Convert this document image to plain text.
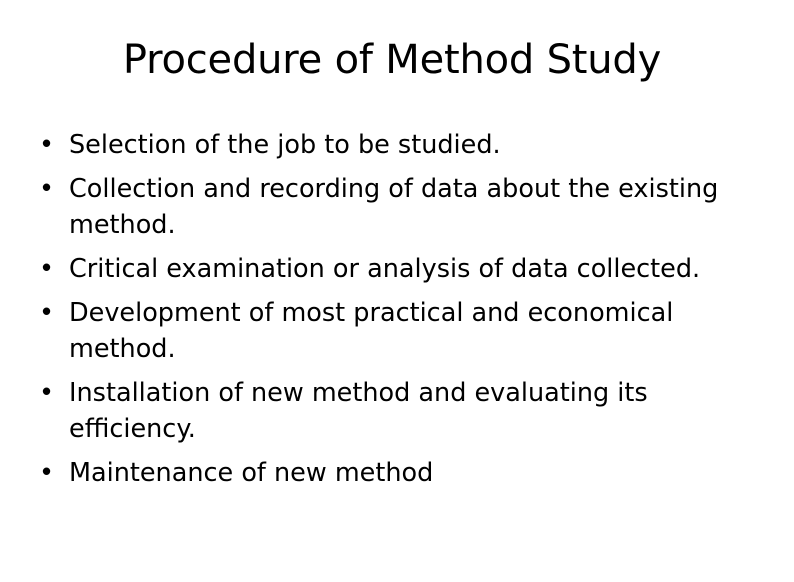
Procedure of Method Study
• Selection of the job to be studied.
• Collection and recording of data about the existing method.
• Critical examination or analysis of data collected.
• Development of most practical and economical method.
• Installation of new method and evaluating its efficiency.
• Maintenance of new method
